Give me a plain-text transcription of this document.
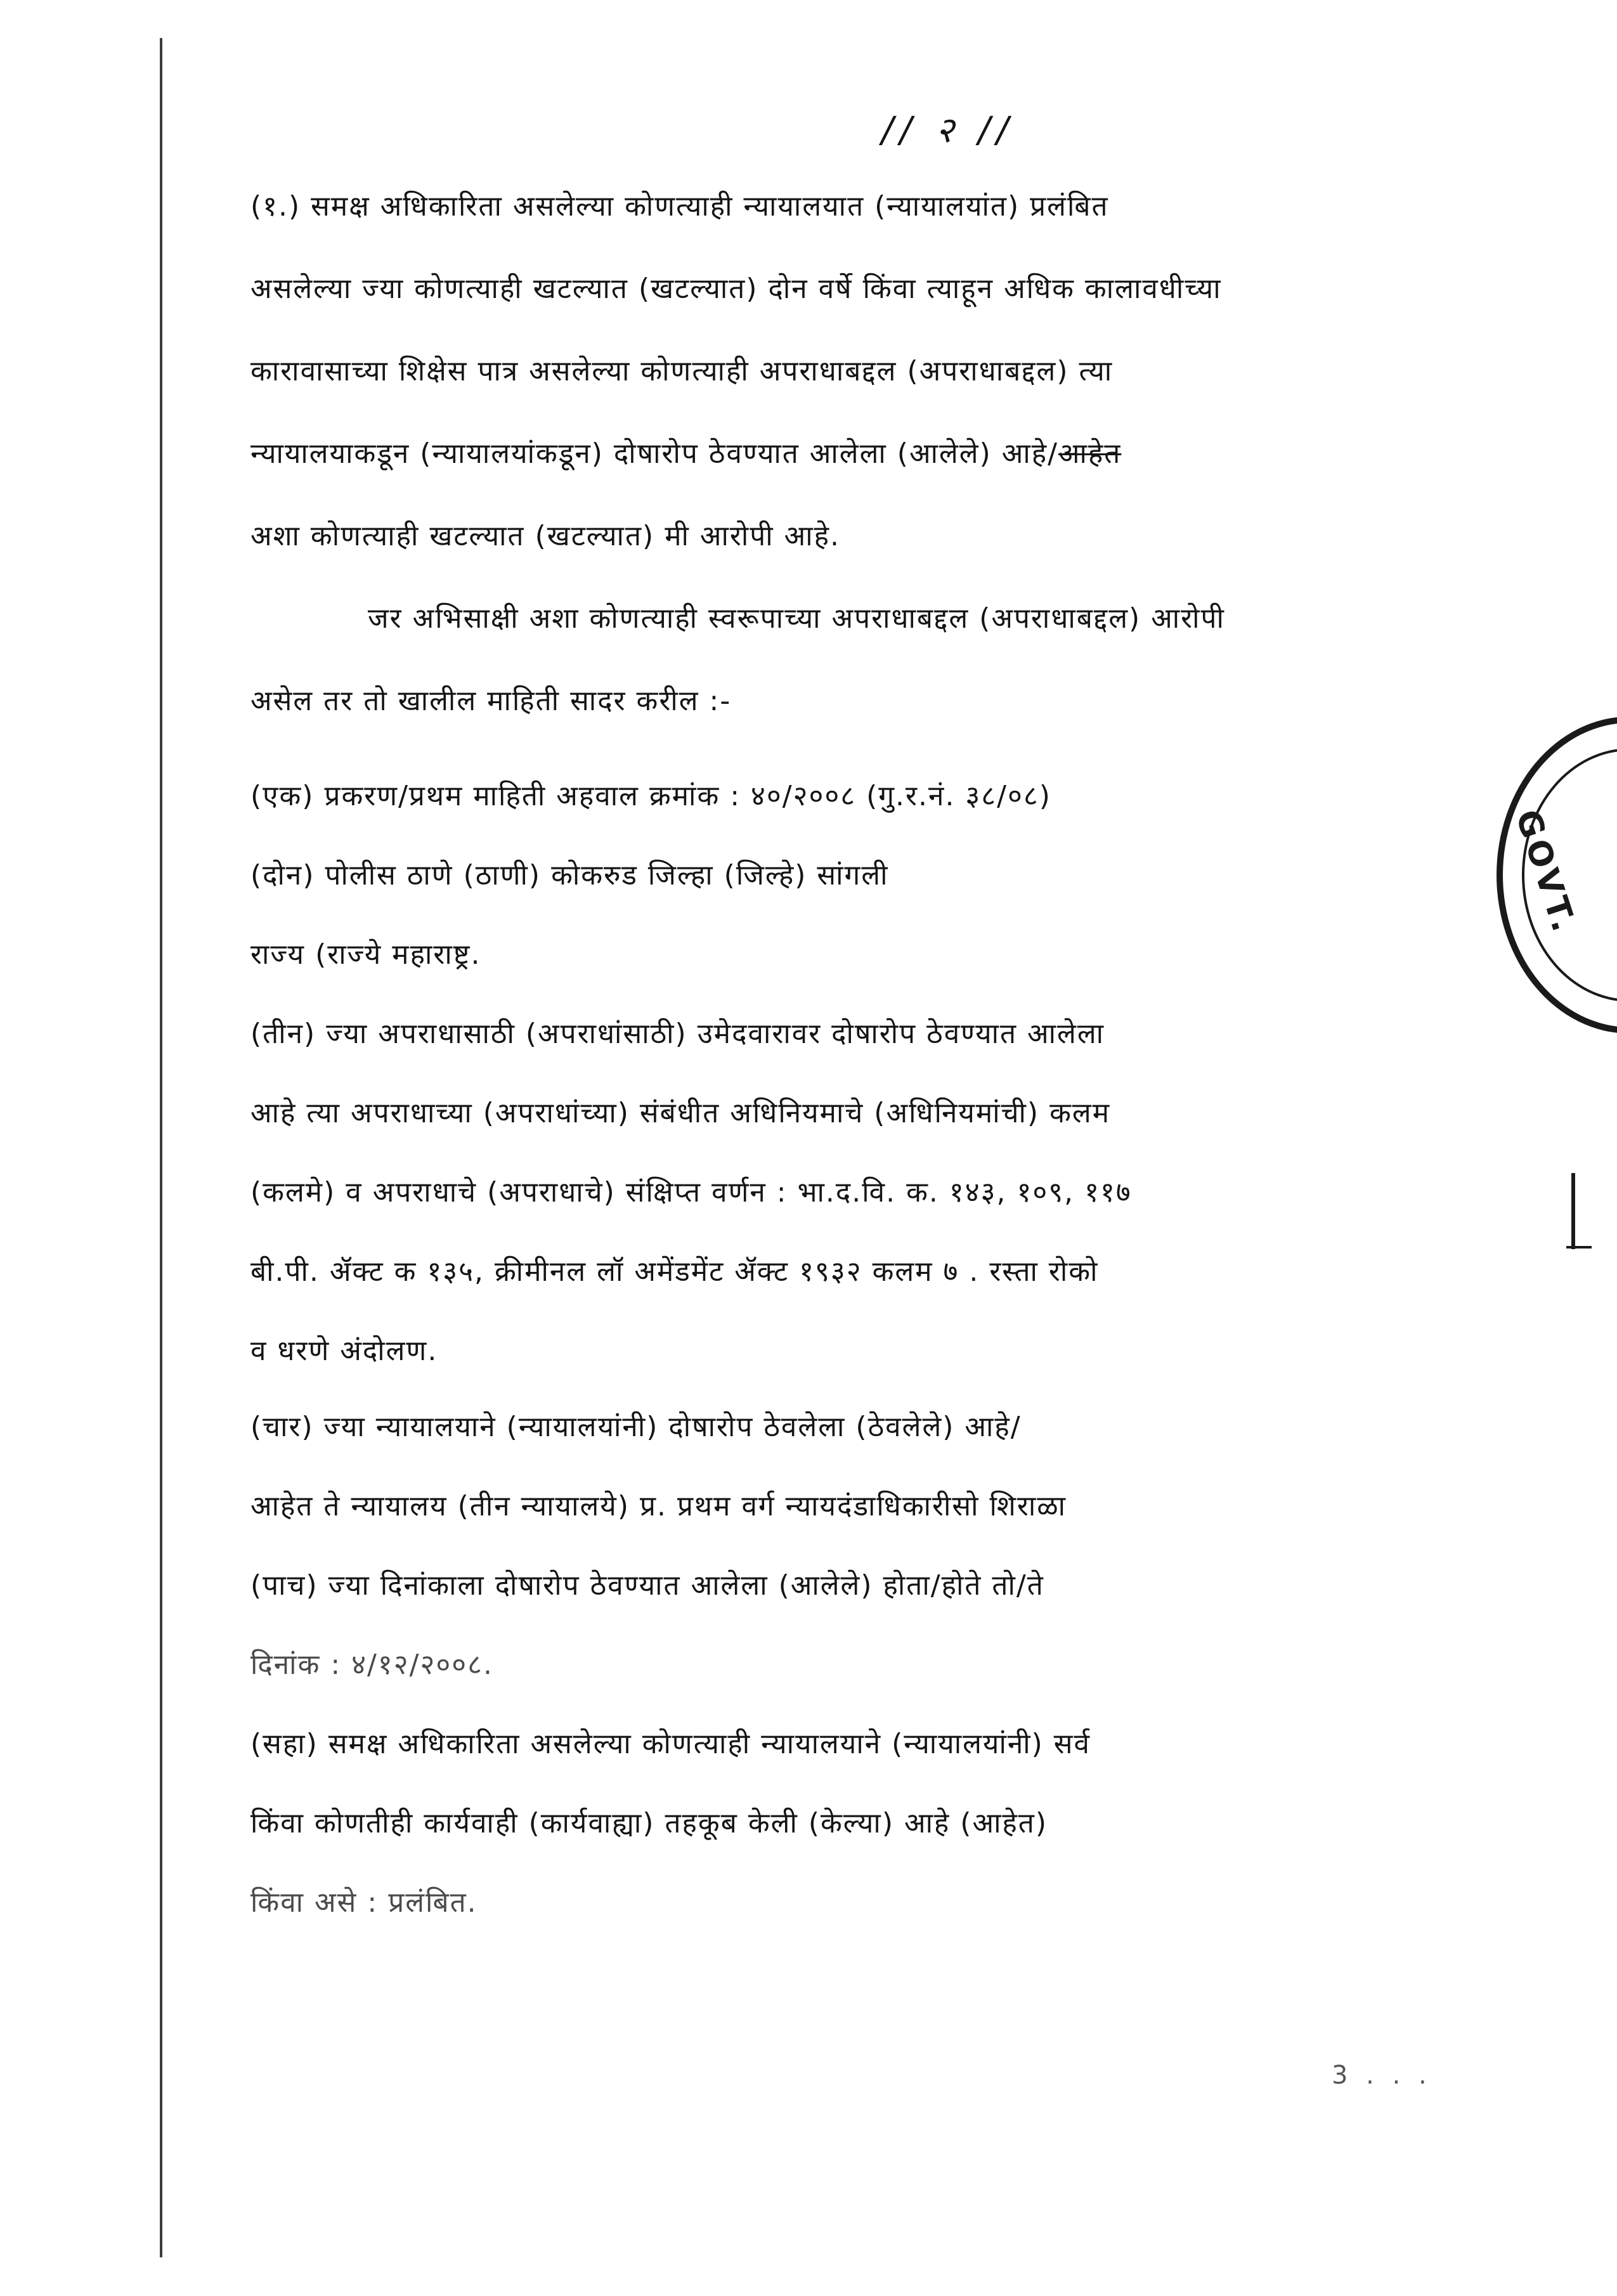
// २ //
(१.) समक्ष अधिकारिता असलेल्या कोणत्याही न्यायालयात (न्यायालयांत) प्रलंबित
असलेल्या ज्या कोणत्याही खटल्यात (खटल्यात) दोन वर्षे किंवा त्याहून अधिक कालावधीच्या
कारावासाच्या शिक्षेस पात्र असलेल्या कोणत्याही अपराधाबद्दल (अपराधाबद्दल) त्या
न्यायालयाकडून (न्यायालयांकडून) दोषारोप ठेवण्यात आलेला (आलेले) आहे/आहेत
अशा कोणत्याही खटल्यात (खटल्यात) मी आरोपी आहे.
जर अभिसाक्षी अशा कोणत्याही स्वरूपाच्या अपराधाबद्दल (अपराधाबद्दल) आरोपी
असेल तर तो खालील माहिती सादर करील :-
(एक) प्रकरण/प्रथम माहिती अहवाल क्रमांक : ४०/२००८ (गु.र.नं. ३८/०८)
(दोन) पोलीस ठाणे (ठाणी) कोकरुड जिल्हा (जिल्हे) सांगली
राज्य (राज्ये महाराष्ट्र.
(तीन) ज्या अपराधासाठी (अपराधांसाठी) उमेदवारावर दोषारोप ठेवण्यात आलेला
आहे त्या अपराधाच्या (अपराधांच्या) संबंधीत अधिनियमाचे (अधिनियमांची) कलम
(कलमे) व अपराधाचे (अपराधाचे) संक्षिप्त वर्णन : भा.द.वि. क. १४३, १०९, ११७
बी.पी. ॲक्ट क १३५, क्रीमीनल लॉ अमेंडमेंट ॲक्ट १९३२ कलम ७ . रस्ता रोको
व धरणे अंदोलण.
(चार) ज्या न्यायालयाने (न्यायालयांनी) दोषारोप ठेवलेला (ठेवलेले) आहे/
आहेत ते न्यायालय (तीन न्यायालये) प्र. प्रथम वर्ग न्यायदंडाधिकारीसो शिराळा
(पाच) ज्या दिनांकाला दोषारोप ठेवण्यात आलेला (आलेले) होता/होते तो/ते
दिनांक : ४/१२/२००८.
(सहा) समक्ष अधिकारिता असलेल्या कोणत्याही न्यायालयाने (न्यायालयांनी) सर्व
किंवा कोणतीही कार्यवाही (कार्यवाह्या) तहकूब केली (केल्या) आहे (आहेत)
किंवा असे : प्रलंबित.
GOVT.
3 . . .
